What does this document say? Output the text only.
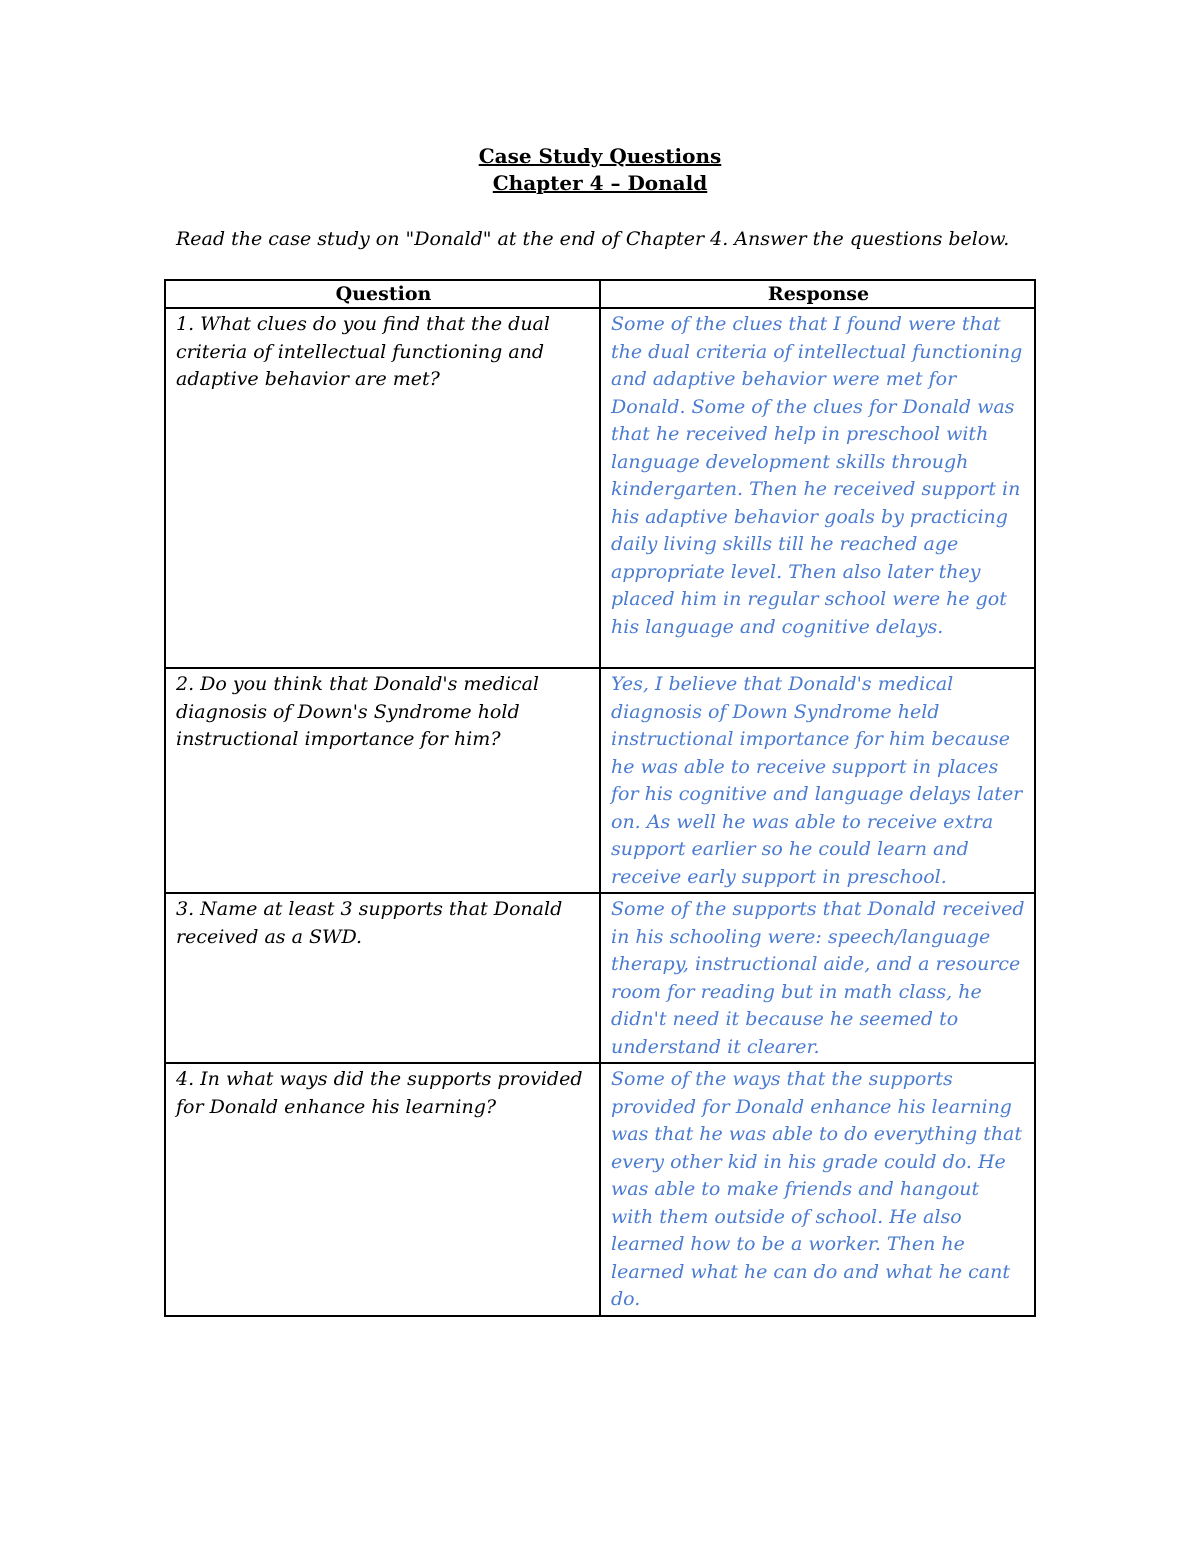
Case Study Questions
Chapter 4 – Donald

Read the case study on "Donald" at the end of Chapter 4. Answer the questions below.

Question	Response
1. What clues do you find that the dual criteria of intellectual functioning and adaptive behavior are met?	Some of the clues that I found were that the dual criteria of intellectual functioning and adaptive behavior were met for Donald. Some of the clues for Donald was that he received help in preschool with language development skills through kindergarten. Then he received support in his adaptive behavior goals by practicing daily living skills till he reached age appropriate level. Then also later they placed him in regular school were he got his language and cognitive delays.
2. Do you think that Donald's medical diagnosis of Down's Syndrome hold instructional importance for him?	Yes, I believe that Donald's medical diagnosis of Down Syndrome held instructional importance for him because he was able to receive support in places for his cognitive and language delays later on. As well he was able to receive extra support earlier so he could learn and receive early support in preschool.
3. Name at least 3 supports that Donald received as a SWD.	Some of the supports that Donald received in his schooling were: speech/language therapy, instructional aide, and a resource room for reading but in math class, he didn't need it because he seemed to understand it clearer.
4. In what ways did the supports provided for Donald enhance his learning?	Some of the ways that the supports provided for Donald enhance his learning was that he was able to do everything that every other kid in his grade could do. He was able to make friends and hangout with them outside of school. He also learned how to be a worker. Then he learned what he can do and what he cant do.
